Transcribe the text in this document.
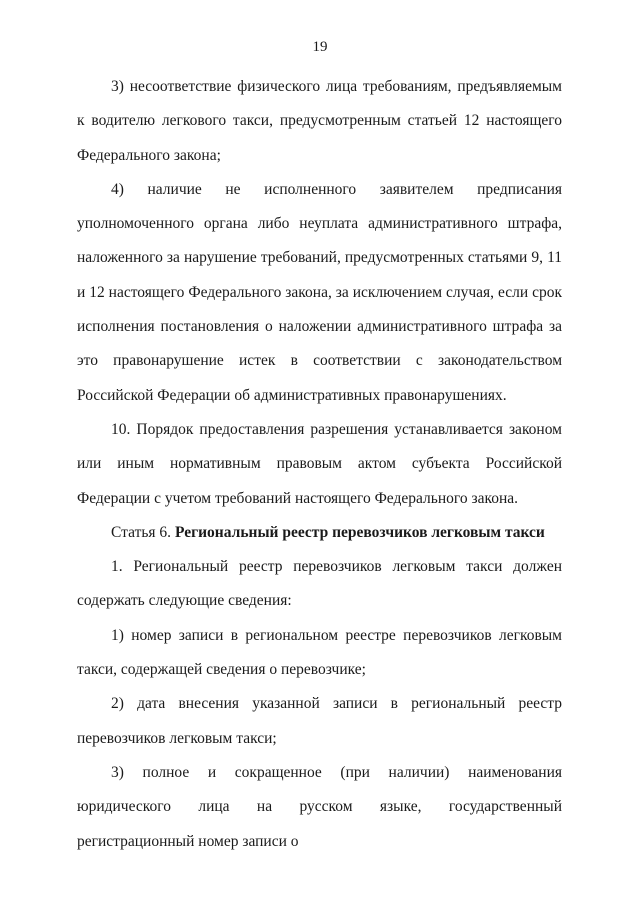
19

3) несоответствие физического лица требованиям, предъявляемым к водителю легкового такси, предусмотренным статьей 12 настоящего Федерального закона;

4) наличие не исполненного заявителем предписания уполномоченного органа либо неуплата административного штрафа, наложенного за нарушение требований, предусмотренных статьями 9, 11 и 12 настоящего Федерального закона, за исключением случая, если срок исполнения постановления о наложении административного штрафа за это правонарушение истек в соответствии с законодательством Российской Федерации об административных правонарушениях.

10. Порядок предоставления разрешения устанавливается законом или иным нормативным правовым актом субъекта Российской Федерации с учетом требований настоящего Федерального закона.

Статья 6. Региональный реестр перевозчиков легковым такси

1. Региональный реестр перевозчиков легковым такси должен содержать следующие сведения:

1) номер записи в региональном реестре перевозчиков легковым такси, содержащей сведения о перевозчике;

2) дата внесения указанной записи в региональный реестр перевозчиков легковым такси;

3) полное и сокращенное (при наличии) наименования юридического лица на русском языке, государственный регистрационный номер записи о
